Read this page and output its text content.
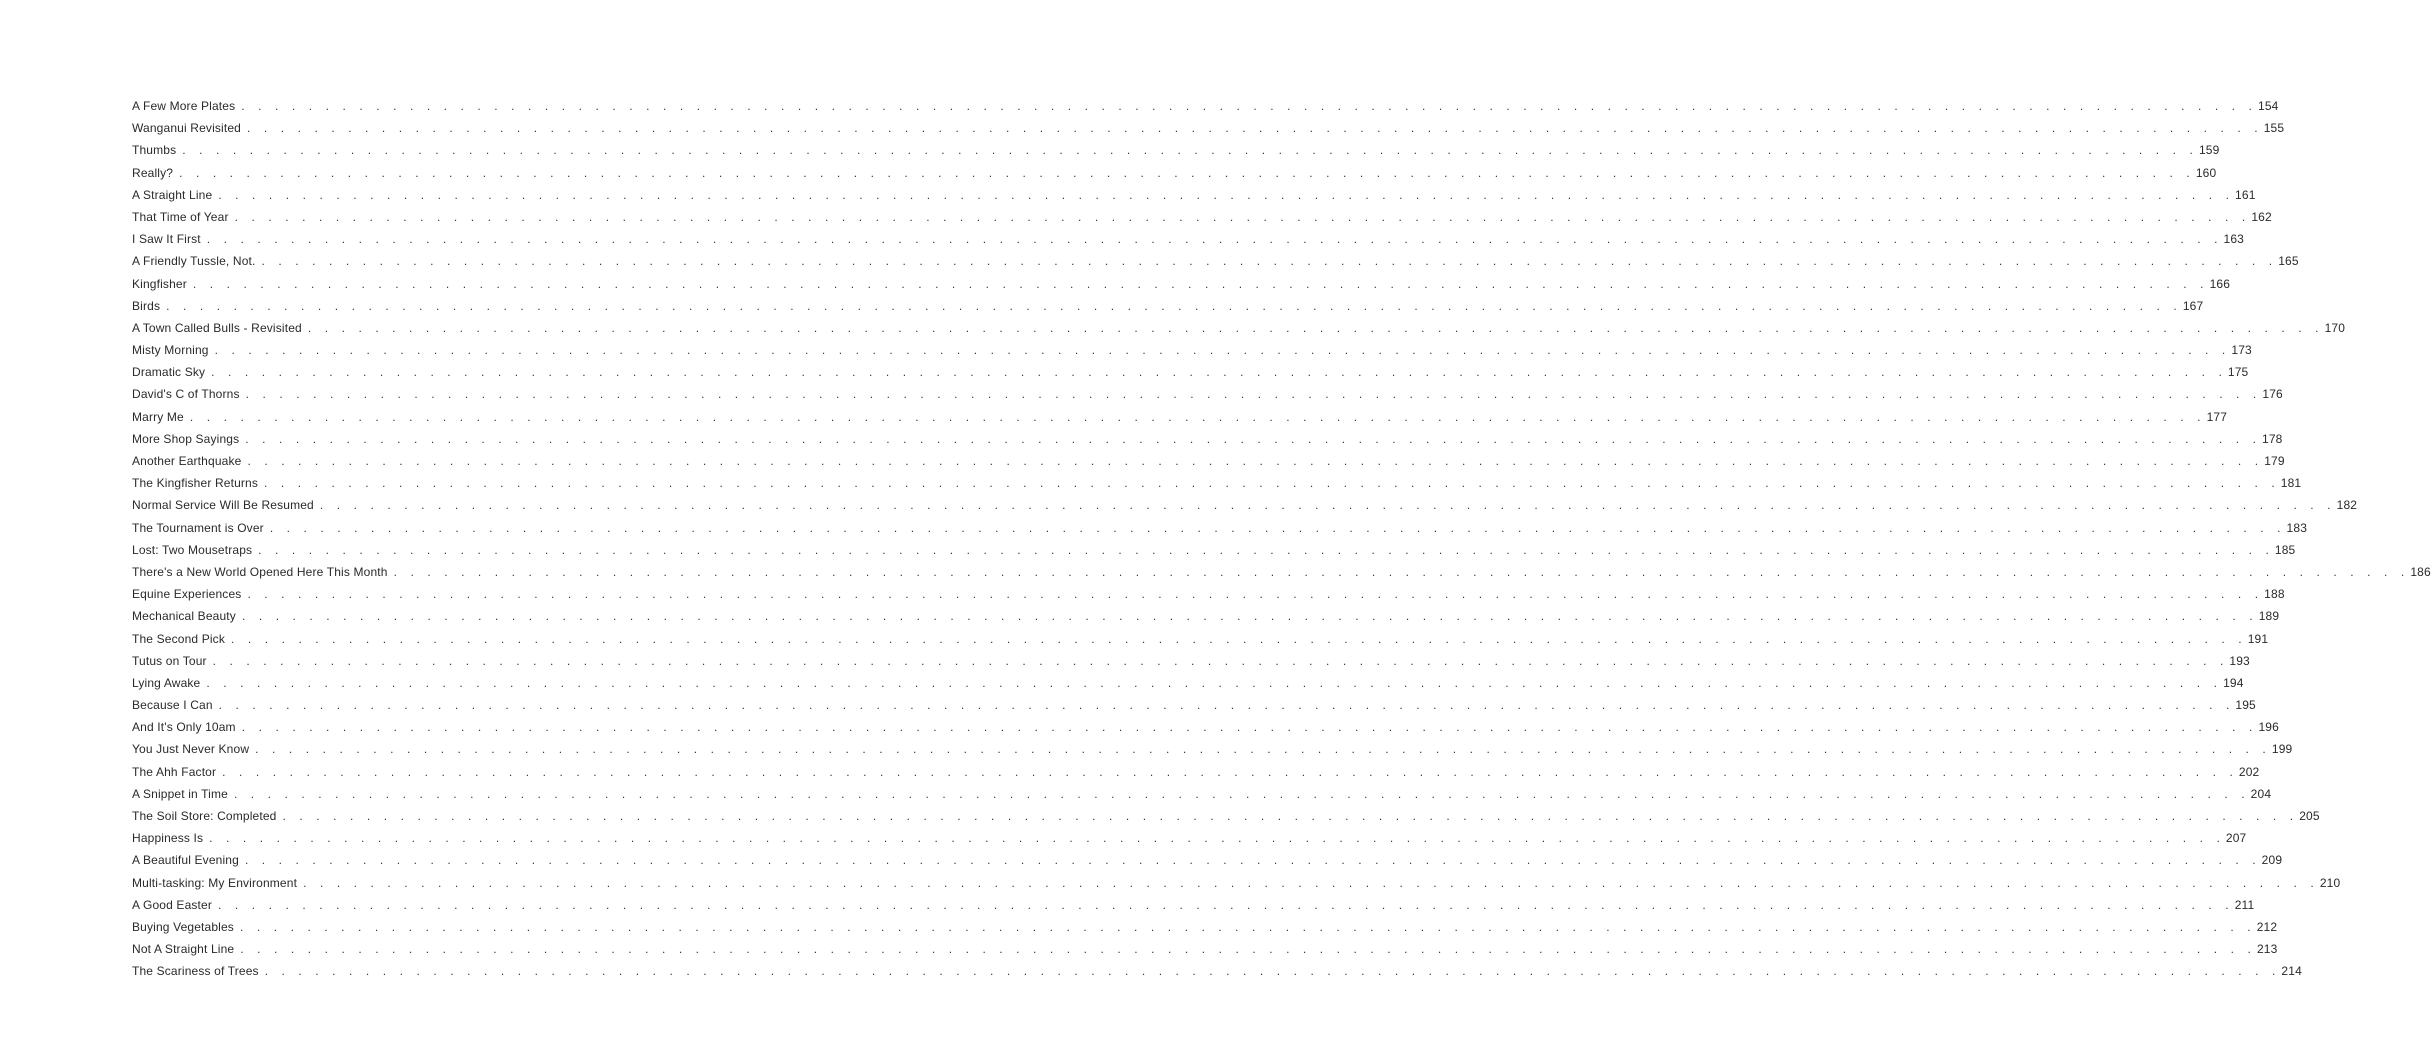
A Few More Plates . . . . . . . . . . . . . . . . . . . . . . . . . . . . . . . . . . . . . . . . . . . . . . . . . . . . . . . . . . . . . . . . . . . . . . . . . . . . . . . . . . . . . . . . . . . . . . . . . . . . . . . . . . . . . . . . . . . . . . . . 154
Wanganui Revisited . . . . . . . . . . . . . . . . . . . . . . . . . . . . . . . . . . . . . . . . . . . . . . . . . . . . . . . . . . . . . . . . . . . . . . . . . . . . . . . . . . . . . . . . . . . . . . . . . . . . . . . . . . . . . . . . . . . . . . . . 155
Thumbs . . . . . . . . . . . . . . . . . . . . . . . . . . . . . . . . . . . . . . . . . . . . . . . . . . . . . . . . . . . . . . . . . . . . . . . . . . . . . . . . . . . . . . . . . . . . . . . . . . . . . . . . . . . . . . . . . . . . . . . . 159
Really? . . . . . . . . . . . . . . . . . . . . . . . . . . . . . . . . . . . . . . . . . . . . . . . . . . . . . . . . . . . . . . . . . . . . . . . . . . . . . . . . . . . . . . . . . . . . . . . . . . . . . . . . . . . . . . . . . . . . . . . . 160
A Straight Line . . . . . . . . . . . . . . . . . . . . . . . . . . . . . . . . . . . . . . . . . . . . . . . . . . . . . . . . . . . . . . . . . . . . . . . . . . . . . . . . . . . . . . . . . . . . . . . . . . . . . . . . . . . . . . . . . . . . . . . . 161
That Time of Year . . . . . . . . . . . . . . . . . . . . . . . . . . . . . . . . . . . . . . . . . . . . . . . . . . . . . . . . . . . . . . . . . . . . . . . . . . . . . . . . . . . . . . . . . . . . . . . . . . . . . . . . . . . . . . . . . . . . . . . . 162
I Saw It First . . . . . . . . . . . . . . . . . . . . . . . . . . . . . . . . . . . . . . . . . . . . . . . . . . . . . . . . . . . . . . . . . . . . . . . . . . . . . . . . . . . . . . . . . . . . . . . . . . . . . . . . . . . . . . . . . . . . . . . . 163
A Friendly Tussle, Not. . . . . . . . . . . . . . . . . . . . . . . . . . . . . . . . . . . . . . . . . . . . . . . . . . . . . . . . . . . . . . . . . . . . . . . . . . . . . . . . . . . . . . . . . . . . . . . . . . . . . . . . . . . . . . . . . . . . . . . . . 165
Kingfisher . . . . . . . . . . . . . . . . . . . . . . . . . . . . . . . . . . . . . . . . . . . . . . . . . . . . . . . . . . . . . . . . . . . . . . . . . . . . . . . . . . . . . . . . . . . . . . . . . . . . . . . . . . . . . . . . . . . . . . . . 166
Birds . . . . . . . . . . . . . . . . . . . . . . . . . . . . . . . . . . . . . . . . . . . . . . . . . . . . . . . . . . . . . . . . . . . . . . . . . . . . . . . . . . . . . . . . . . . . . . . . . . . . . . . . . . . . . . . . . . . . . . . . 167
A Town Called Bulls - Revisited . . . . . . . . . . . . . . . . . . . . . . . . . . . . . . . . . . . . . . . . . . . . . . . . . . . . . . . . . . . . . . . . . . . . . . . . . . . . . . . . . . . . . . . . . . . . . . . . . . . . . . . . . . . . . . . . . . . . . . . . 170
Misty Morning . . . . . . . . . . . . . . . . . . . . . . . . . . . . . . . . . . . . . . . . . . . . . . . . . . . . . . . . . . . . . . . . . . . . . . . . . . . . . . . . . . . . . . . . . . . . . . . . . . . . . . . . . . . . . . . . . . . . . . . . 173
Dramatic Sky . . . . . . . . . . . . . . . . . . . . . . . . . . . . . . . . . . . . . . . . . . . . . . . . . . . . . . . . . . . . . . . . . . . . . . . . . . . . . . . . . . . . . . . . . . . . . . . . . . . . . . . . . . . . . . . . . . . . . . . . 175
David's C of Thorns . . . . . . . . . . . . . . . . . . . . . . . . . . . . . . . . . . . . . . . . . . . . . . . . . . . . . . . . . . . . . . . . . . . . . . . . . . . . . . . . . . . . . . . . . . . . . . . . . . . . . . . . . . . . . . . . . . . . . . . . 176
Marry Me . . . . . . . . . . . . . . . . . . . . . . . . . . . . . . . . . . . . . . . . . . . . . . . . . . . . . . . . . . . . . . . . . . . . . . . . . . . . . . . . . . . . . . . . . . . . . . . . . . . . . . . . . . . . . . . . . . . . . . . . 177
More Shop Sayings . . . . . . . . . . . . . . . . . . . . . . . . . . . . . . . . . . . . . . . . . . . . . . . . . . . . . . . . . . . . . . . . . . . . . . . . . . . . . . . . . . . . . . . . . . . . . . . . . . . . . . . . . . . . . . . . . . . . . . . . 178
Another Earthquake . . . . . . . . . . . . . . . . . . . . . . . . . . . . . . . . . . . . . . . . . . . . . . . . . . . . . . . . . . . . . . . . . . . . . . . . . . . . . . . . . . . . . . . . . . . . . . . . . . . . . . . . . . . . . . . . . . . . . . . . 179
The Kingfisher Returns . . . . . . . . . . . . . . . . . . . . . . . . . . . . . . . . . . . . . . . . . . . . . . . . . . . . . . . . . . . . . . . . . . . . . . . . . . . . . . . . . . . . . . . . . . . . . . . . . . . . . . . . . . . . . . . . . . . . . . . . 181
Normal Service Will Be Resumed . . . . . . . . . . . . . . . . . . . . . . . . . . . . . . . . . . . . . . . . . . . . . . . . . . . . . . . . . . . . . . . . . . . . . . . . . . . . . . . . . . . . . . . . . . . . . . . . . . . . . . . . . . . . . . . . . . . . . . . . 182
The Tournament is Over . . . . . . . . . . . . . . . . . . . . . . . . . . . . . . . . . . . . . . . . . . . . . . . . . . . . . . . . . . . . . . . . . . . . . . . . . . . . . . . . . . . . . . . . . . . . . . . . . . . . . . . . . . . . . . . . . . . . . . . . 183
Lost: Two Mousetraps . . . . . . . . . . . . . . . . . . . . . . . . . . . . . . . . . . . . . . . . . . . . . . . . . . . . . . . . . . . . . . . . . . . . . . . . . . . . . . . . . . . . . . . . . . . . . . . . . . . . . . . . . . . . . . . . . . . . . . . . 185
There's a New World Opened Here This Month . . . . . . . . . . . . . . . . . . . . . . . . . . . . . . . . . . . . . . . . . . . . . . . . . . . . . . . . . . . . . . . . . . . . . . . . . . . . . . . . . . . . . . . . . . . . . . . . . . . . . . . . . . . . . . . . . . . . . . . . 186
Equine Experiences . . . . . . . . . . . . . . . . . . . . . . . . . . . . . . . . . . . . . . . . . . . . . . . . . . . . . . . . . . . . . . . . . . . . . . . . . . . . . . . . . . . . . . . . . . . . . . . . . . . . . . . . . . . . . . . . . . . . . . . . 188
Mechanical Beauty . . . . . . . . . . . . . . . . . . . . . . . . . . . . . . . . . . . . . . . . . . . . . . . . . . . . . . . . . . . . . . . . . . . . . . . . . . . . . . . . . . . . . . . . . . . . . . . . . . . . . . . . . . . . . . . . . . . . . . . . 189
The Second Pick . . . . . . . . . . . . . . . . . . . . . . . . . . . . . . . . . . . . . . . . . . . . . . . . . . . . . . . . . . . . . . . . . . . . . . . . . . . . . . . . . . . . . . . . . . . . . . . . . . . . . . . . . . . . . . . . . . . . . . . . 191
Tutus on Tour . . . . . . . . . . . . . . . . . . . . . . . . . . . . . . . . . . . . . . . . . . . . . . . . . . . . . . . . . . . . . . . . . . . . . . . . . . . . . . . . . . . . . . . . . . . . . . . . . . . . . . . . . . . . . . . . . . . . . . . . 193
Lying Awake . . . . . . . . . . . . . . . . . . . . . . . . . . . . . . . . . . . . . . . . . . . . . . . . . . . . . . . . . . . . . . . . . . . . . . . . . . . . . . . . . . . . . . . . . . . . . . . . . . . . . . . . . . . . . . . . . . . . . . . . 194
Because I Can . . . . . . . . . . . . . . . . . . . . . . . . . . . . . . . . . . . . . . . . . . . . . . . . . . . . . . . . . . . . . . . . . . . . . . . . . . . . . . . . . . . . . . . . . . . . . . . . . . . . . . . . . . . . . . . . . . . . . . . . 195
And It's Only 10am . . . . . . . . . . . . . . . . . . . . . . . . . . . . . . . . . . . . . . . . . . . . . . . . . . . . . . . . . . . . . . . . . . . . . . . . . . . . . . . . . . . . . . . . . . . . . . . . . . . . . . . . . . . . . . . . . . . . . . . . 196
You Just Never Know . . . . . . . . . . . . . . . . . . . . . . . . . . . . . . . . . . . . . . . . . . . . . . . . . . . . . . . . . . . . . . . . . . . . . . . . . . . . . . . . . . . . . . . . . . . . . . . . . . . . . . . . . . . . . . . . . . . . . . . . 199
The Ahh Factor . . . . . . . . . . . . . . . . . . . . . . . . . . . . . . . . . . . . . . . . . . . . . . . . . . . . . . . . . . . . . . . . . . . . . . . . . . . . . . . . . . . . . . . . . . . . . . . . . . . . . . . . . . . . . . . . . . . . . . . . 202
A Snippet in Time . . . . . . . . . . . . . . . . . . . . . . . . . . . . . . . . . . . . . . . . . . . . . . . . . . . . . . . . . . . . . . . . . . . . . . . . . . . . . . . . . . . . . . . . . . . . . . . . . . . . . . . . . . . . . . . . . . . . . . . . 204
The Soil Store: Completed . . . . . . . . . . . . . . . . . . . . . . . . . . . . . . . . . . . . . . . . . . . . . . . . . . . . . . . . . . . . . . . . . . . . . . . . . . . . . . . . . . . . . . . . . . . . . . . . . . . . . . . . . . . . . . . . . . . . . . . . 205
Happiness Is . . . . . . . . . . . . . . . . . . . . . . . . . . . . . . . . . . . . . . . . . . . . . . . . . . . . . . . . . . . . . . . . . . . . . . . . . . . . . . . . . . . . . . . . . . . . . . . . . . . . . . . . . . . . . . . . . . . . . . . . 207
A Beautiful Evening . . . . . . . . . . . . . . . . . . . . . . . . . . . . . . . . . . . . . . . . . . . . . . . . . . . . . . . . . . . . . . . . . . . . . . . . . . . . . . . . . . . . . . . . . . . . . . . . . . . . . . . . . . . . . . . . . . . . . . . . 209
Multi-tasking: My Environment . . . . . . . . . . . . . . . . . . . . . . . . . . . . . . . . . . . . . . . . . . . . . . . . . . . . . . . . . . . . . . . . . . . . . . . . . . . . . . . . . . . . . . . . . . . . . . . . . . . . . . . . . . . . . . . . . . . . . . . . 210
A Good Easter . . . . . . . . . . . . . . . . . . . . . . . . . . . . . . . . . . . . . . . . . . . . . . . . . . . . . . . . . . . . . . . . . . . . . . . . . . . . . . . . . . . . . . . . . . . . . . . . . . . . . . . . . . . . . . . . . . . . . . . . 211
Buying Vegetables . . . . . . . . . . . . . . . . . . . . . . . . . . . . . . . . . . . . . . . . . . . . . . . . . . . . . . . . . . . . . . . . . . . . . . . . . . . . . . . . . . . . . . . . . . . . . . . . . . . . . . . . . . . . . . . . . . . . . . . . 212
Not A Straight Line . . . . . . . . . . . . . . . . . . . . . . . . . . . . . . . . . . . . . . . . . . . . . . . . . . . . . . . . . . . . . . . . . . . . . . . . . . . . . . . . . . . . . . . . . . . . . . . . . . . . . . . . . . . . . . . . . . . . . . . . 213
The Scariness of Trees . . . . . . . . . . . . . . . . . . . . . . . . . . . . . . . . . . . . . . . . . . . . . . . . . . . . . . . . . . . . . . . . . . . . . . . . . . . . . . . . . . . . . . . . . . . . . . . . . . . . . . . . . . . . . . . . . . . . . . . . 214
